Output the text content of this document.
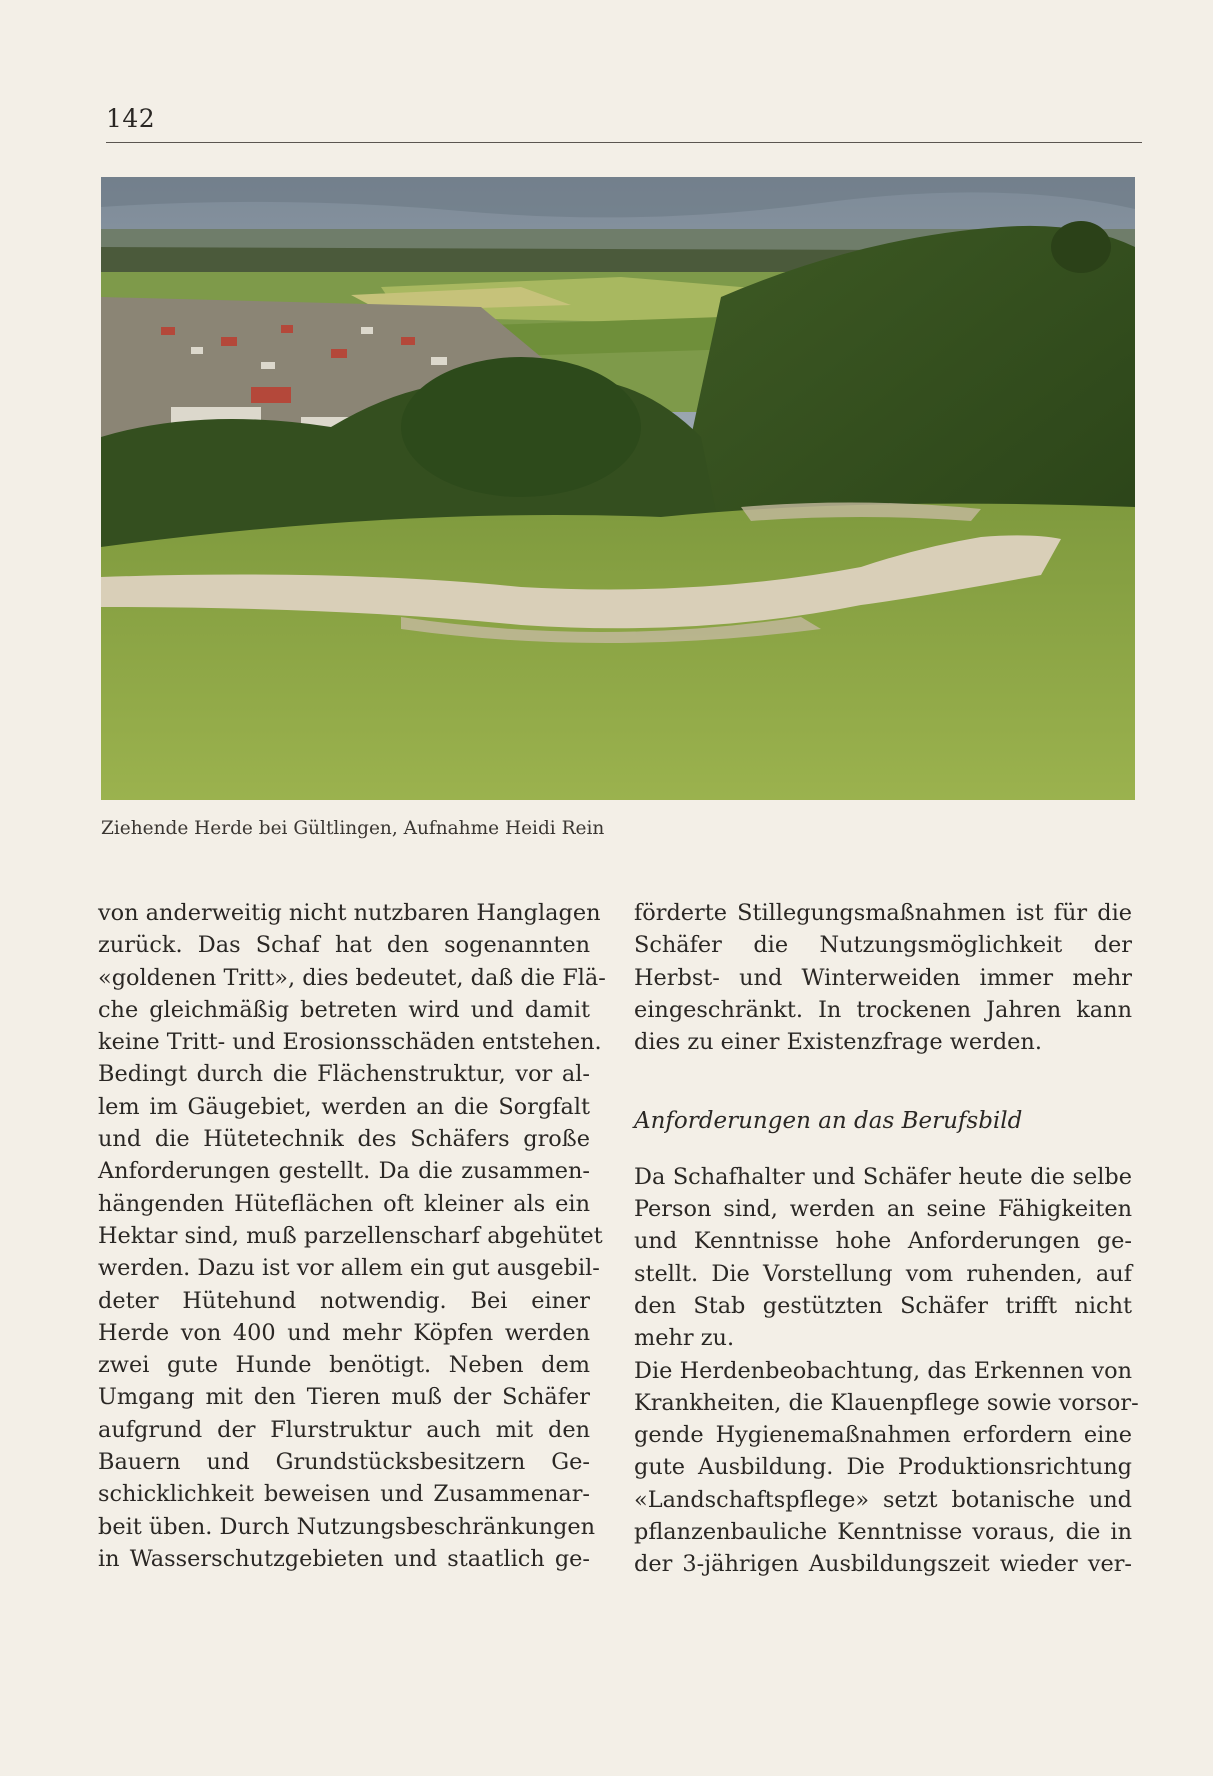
142
Ziehende Herde bei Gültlingen, Aufnahme Heidi Rein
von anderweitig nicht nutzbaren Hanglagen
zurück. Das Schaf hat den sogenannten
«goldenen Tritt», dies bedeutet, daß die Flä-
che gleichmäßig betreten wird und damit
keine Tritt- und Erosionsschäden entstehen.
Bedingt durch die Flächenstruktur, vor al-
lem im Gäugebiet, werden an die Sorgfalt
und die Hütetechnik des Schäfers große
Anforderungen gestellt. Da die zusammen-
hängenden Hüteflächen oft kleiner als ein
Hektar sind, muß parzellenscharf abgehütet
werden. Dazu ist vor allem ein gut ausgebil-
deter Hütehund notwendig. Bei einer
Herde von 400 und mehr Köpfen werden
zwei gute Hunde benötigt. Neben dem
Umgang mit den Tieren muß der Schäfer
aufgrund der Flurstruktur auch mit den
Bauern und Grundstücksbesitzern Ge-
schicklichkeit beweisen und Zusammenar-
beit üben. Durch Nutzungsbeschränkungen
in Wasserschutzgebieten und staatlich ge-
förderte Stillegungsmaßnahmen ist für die
Schäfer die Nutzungsmöglichkeit der
Herbst- und Winterweiden immer mehr
eingeschränkt. In trockenen Jahren kann
dies zu einer Existenzfrage werden.
Anforderungen an das Berufsbild
Da Schafhalter und Schäfer heute die selbe
Person sind, werden an seine Fähigkeiten
und Kenntnisse hohe Anforderungen ge-
stellt. Die Vorstellung vom ruhenden, auf
den Stab gestützten Schäfer trifft nicht
mehr zu.
Die Herdenbeobachtung, das Erkennen von
Krankheiten, die Klauenpflege sowie vorsor-
gende Hygienemaßnahmen erfordern eine
gute Ausbildung. Die Produktionsrichtung
«Landschaftspflege» setzt botanische und
pflanzenbauliche Kenntnisse voraus, die in
der 3-jährigen Ausbildungszeit wieder ver-
